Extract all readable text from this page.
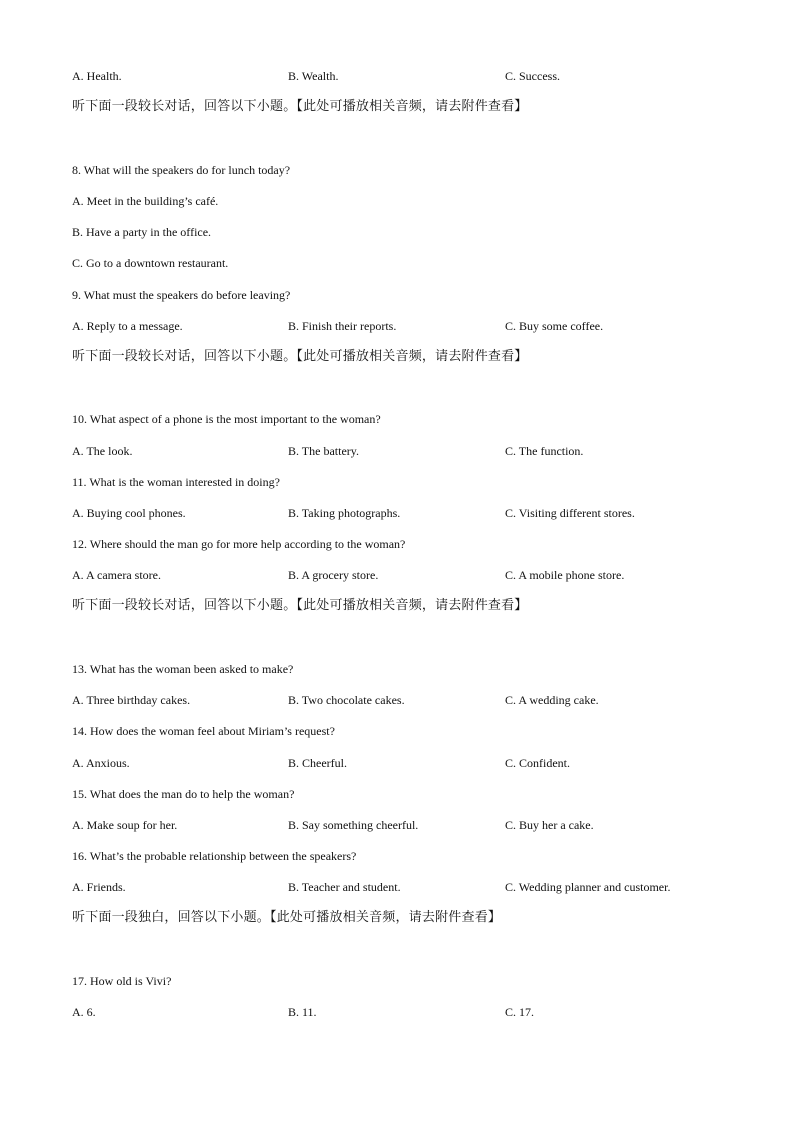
A. Health.	B. Wealth.	C. Success.
听下面一段较长对话，回答以下小题。【此处可播放相关音频，请去附件查看】
8. What will the speakers do for lunch today?
A. Meet in the building’s café.
B. Have a party in the office.
C. Go to a downtown restaurant.
9. What must the speakers do before leaving?
A. Reply to a message.	B. Finish their reports.	C. Buy some coffee.
听下面一段较长对话，回答以下小题。【此处可播放相关音频，请去附件查看】
10. What aspect of a phone is the most important to the woman?
A. The look.	B. The battery.	C. The function.
11. What is the woman interested in doing?
A. Buying cool phones.	B. Taking photographs.	C. Visiting different stores.
12. Where should the man go for more help according to the woman?
A. A camera store.	B. A grocery store.	C. A mobile phone store.
听下面一段较长对话，回答以下小题。【此处可播放相关音频，请去附件查看】
13. What has the woman been asked to make?
A. Three birthday cakes.	B. Two chocolate cakes.	C. A wedding cake.
14. How does the woman feel about Miriam’s request?
A. Anxious.	B. Cheerful.	C. Confident.
15. What does the man do to help the woman?
A. Make soup for her.	B. Say something cheerful.	C. Buy her a cake.
16. What’s the probable relationship between the speakers?
A. Friends.	B. Teacher and student.	C. Wedding planner and customer.
听下面一段独白，回答以下小题。【此处可播放相关音频，请去附件查看】
17. How old is Vivi?
A. 6.	B. 11.	C. 17.
